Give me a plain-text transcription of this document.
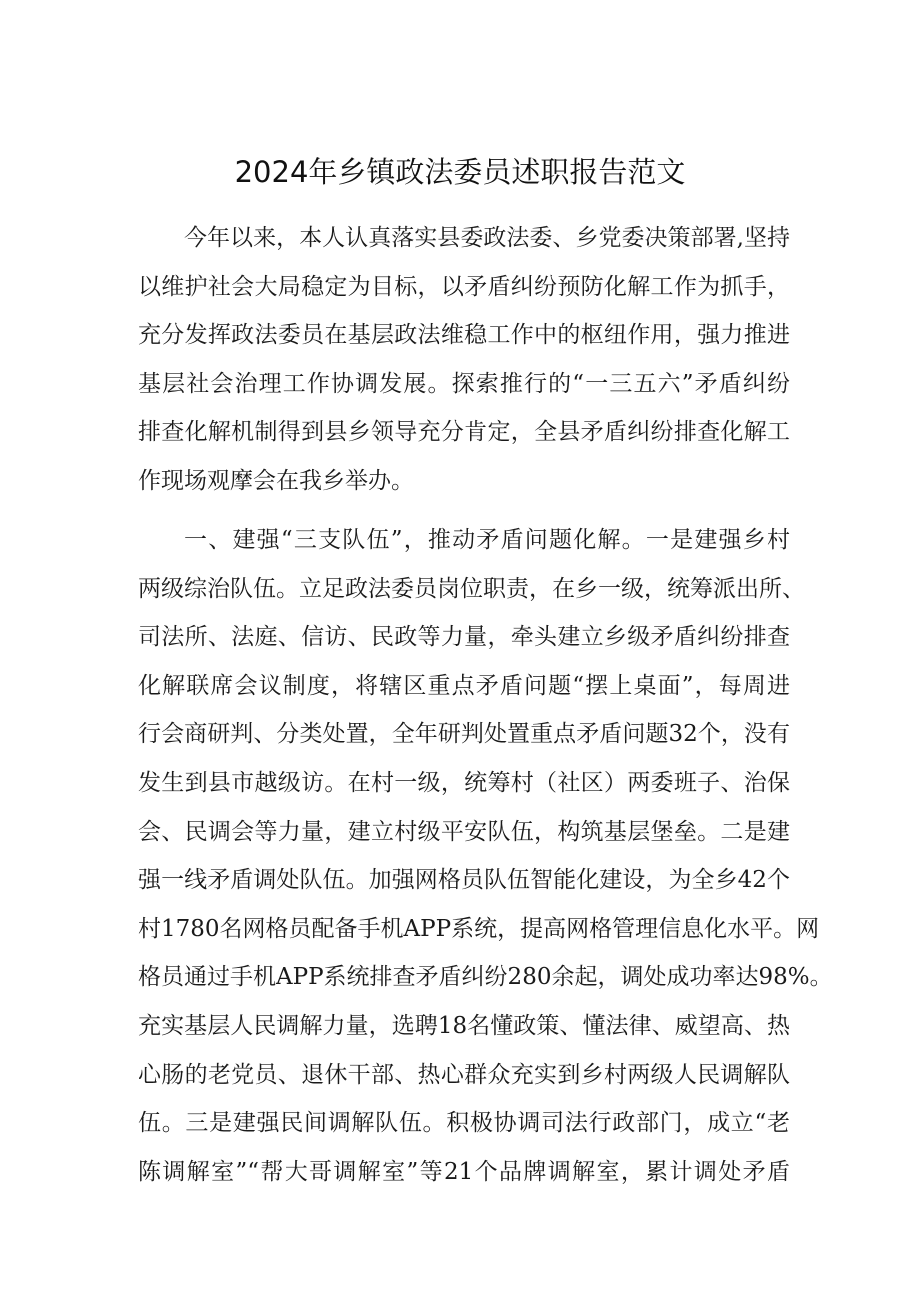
2024年乡镇政法委员述职报告范文
今年以来，本人认真落实县委政法委、乡党委决策部署,坚持
以维护社会大局稳定为目标，以矛盾纠纷预防化解工作为抓手，
充分发挥政法委员在基层政法维稳工作中的枢纽作用，强力推进
基层社会治理工作协调发展。探索推行的“一三五六”矛盾纠纷
排查化解机制得到县乡领导充分肯定，全县矛盾纠纷排查化解工
作现场观摩会在我乡举办。
一、建强“三支队伍”，推动矛盾问题化解。一是建强乡村
两级综治队伍。立足政法委员岗位职责，在乡一级，统筹派出所、
司法所、法庭、信访、民政等力量，牵头建立乡级矛盾纠纷排查
化解联席会议制度，将辖区重点矛盾问题“摆上桌面”，每周进
行会商研判、分类处置，全年研判处置重点矛盾问题32个，没有
发生到县市越级访。在村一级，统筹村（社区）两委班子、治保
会、民调会等力量，建立村级平安队伍，构筑基层堡垒。二是建
强一线矛盾调处队伍。加强网格员队伍智能化建设，为全乡42个
村1780名网格员配备手机APP系统，提高网格管理信息化水平。网
格员通过手机APP系统排查矛盾纠纷280余起，调处成功率达98%。
充实基层人民调解力量，选聘18名懂政策、懂法律、威望高、热
心肠的老党员、退休干部、热心群众充实到乡村两级人民调解队
伍。三是建强民间调解队伍。积极协调司法行政部门，成立“老
陈调解室”“帮大哥调解室”等21个品牌调解室，累计调处矛盾
